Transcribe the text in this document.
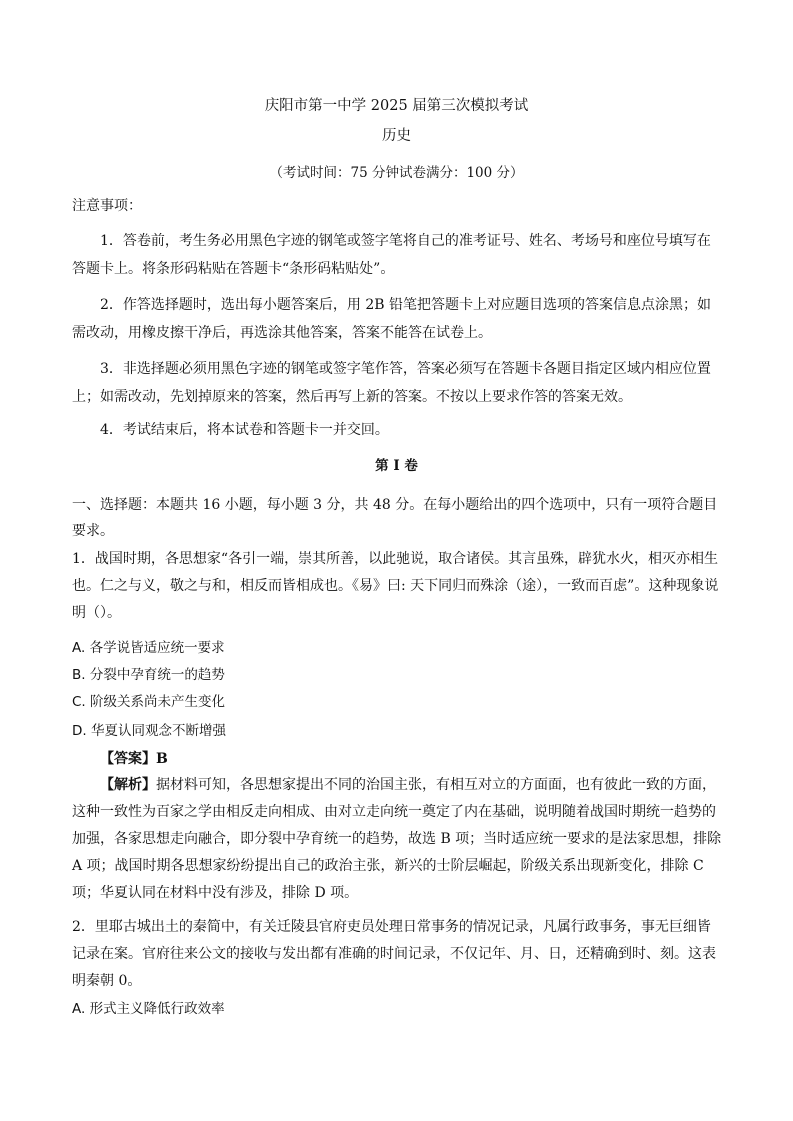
庆阳市第一中学 2025 届第三次模拟考试
历史
（考试时间：75 分钟试卷满分：100 分）
注意事项：
1．答卷前，考生务必用黑色字迹的钢笔或签字笔将自己的准考证号、姓名、考场号和座位号填写在答题卡上。将条形码粘贴在答题卡“条形码粘贴处”。
2．作答选择题时，选出每小题答案后，用 2B 铅笔把答题卡上对应题目选项的答案信息点涂黑；如需改动，用橡皮擦干净后，再选涂其他答案，答案不能答在试卷上。
3．非选择题必须用黑色字迹的钢笔或签字笔作答，答案必须写在答题卡各题目指定区域内相应位置上；如需改动，先划掉原来的答案，然后再写上新的答案。不按以上要求作答的答案无效。
4．考试结束后，将本试卷和答题卡一并交回。
第 I 卷
一、选择题：本题共 16 小题，每小题 3 分，共 48 分。在每小题给出的四个选项中，只有一项符合题目要求。
1．战国时期，各思想家“各引一端，崇其所善，以此驰说，取合诸侯。其言虽殊，辟犹水火，相灭亦相生也。仁之与义，敬之与和，相反而皆相成也。《易》曰: 天下同归而殊涂（途），一致而百虑”。这种现象说明（）。
A. 各学说皆适应统一要求
B. 分裂中孕育统一的趋势
C. 阶级关系尚未产生变化
D. 华夏认同观念不断增强
【答案】B
【解析】据材料可知，各思想家提出不同的治国主张，有相互对立的方面面，也有彼此一致的方面，这种一致性为百家之学由相反走向相成、由对立走向统一奠定了内在基础，说明随着战国时期统一趋势的加强，各家思想走向融合，即分裂中孕育统一的趋势，故选 B 项；当时适应统一要求的是法家思想，排除 A 项；战国时期各思想家纷纷提出自己的政治主张，新兴的士阶层崛起，阶级关系出现新变化，排除 C 项；华夏认同在材料中没有涉及，排除 D 项。
2．里耶古城出土的秦简中，有关迁陵县官府吏员处理日常事务的情况记录，凡属行政事务，事无巨细皆记录在案。官府往来公文的接收与发出都有准确的时间记录，不仅记年、月、日，还精确到时、刻。这表明秦朝 0。
A. 形式主义降低行政效率
